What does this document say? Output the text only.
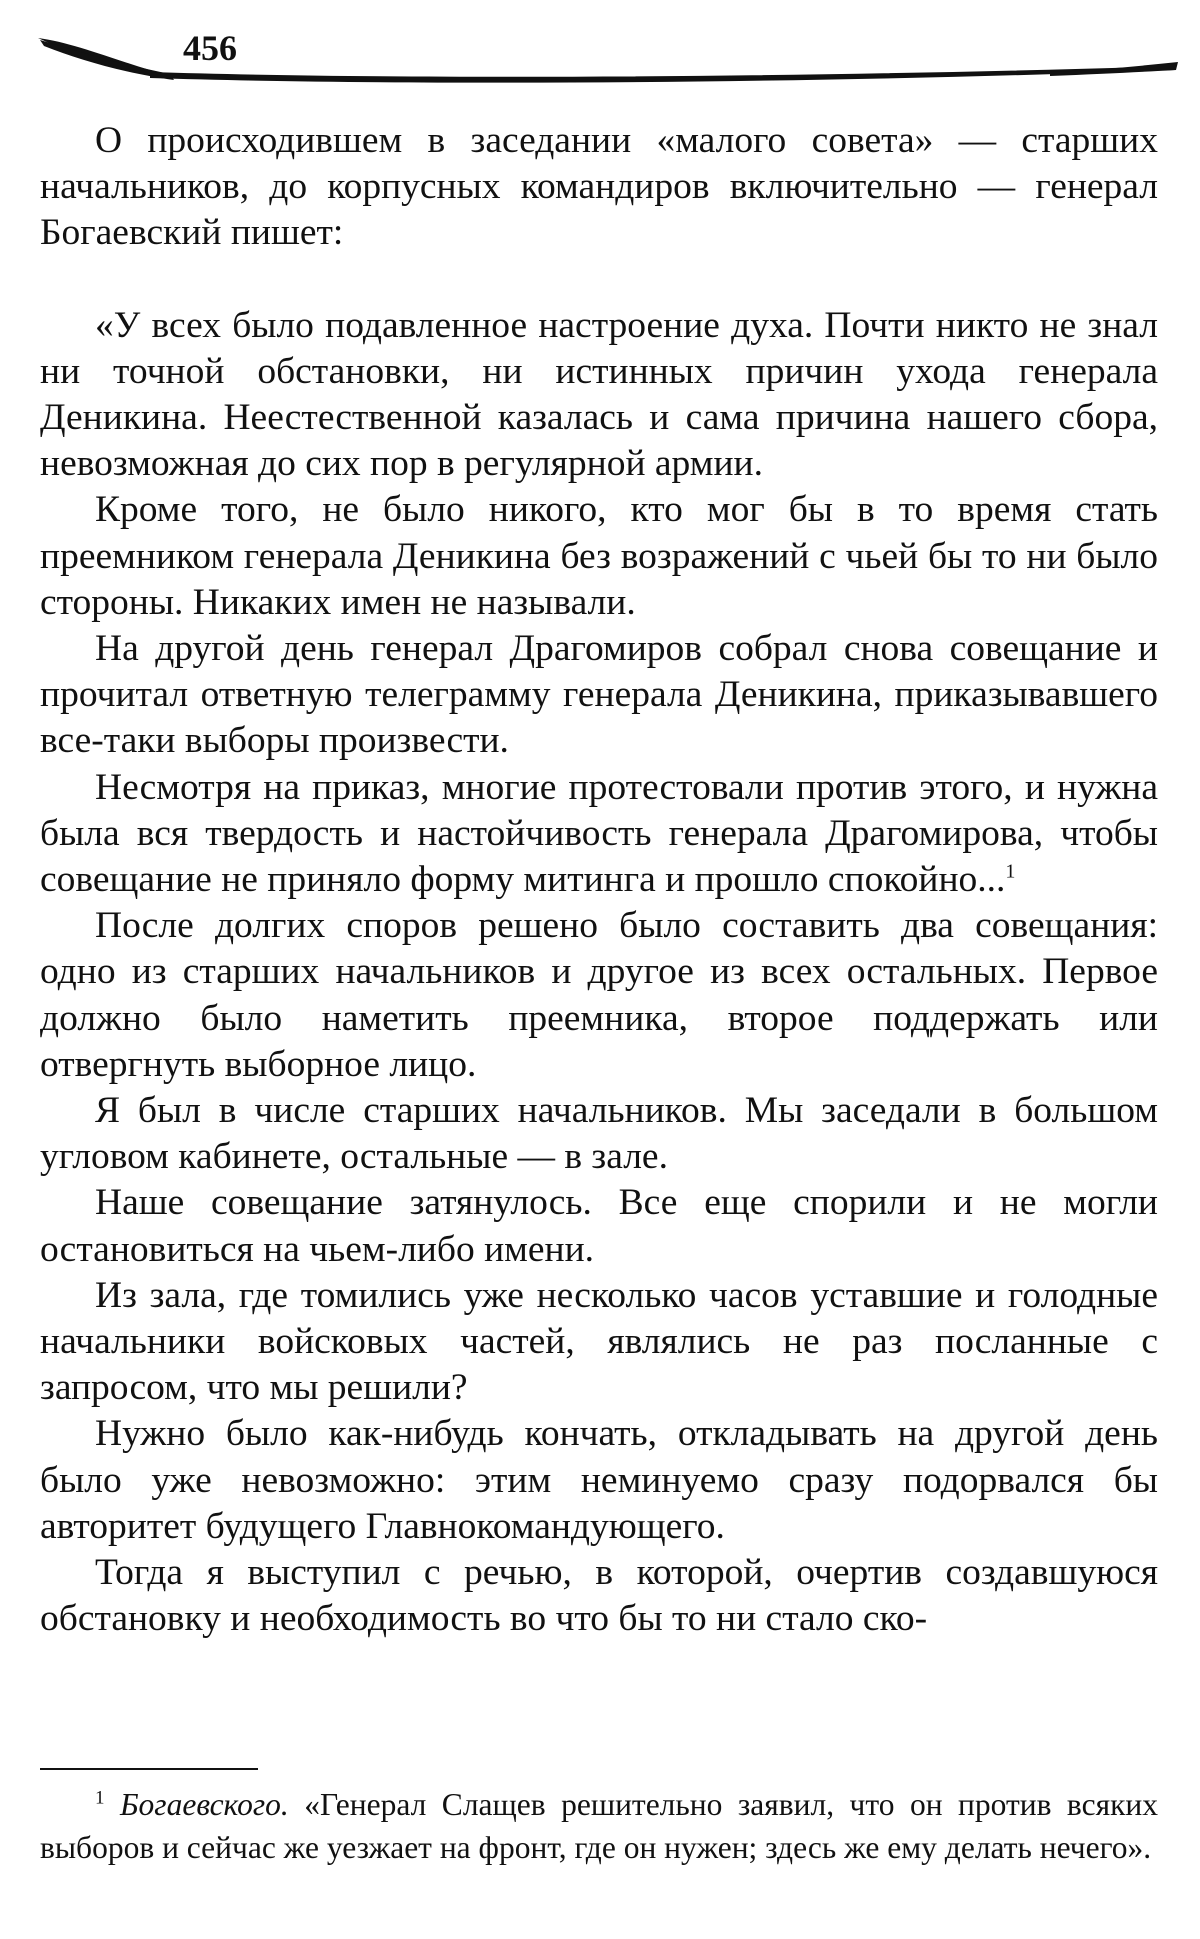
456

О происходившем в заседании «малого совета» — старших начальников, до корпусных командиров включительно — генерал Богаевский пишет:

«У всех было подавленное настроение духа. Почти никто не знал ни точной обстановки, ни истинных причин ухода генерала Деникина. Неестественной казалась и сама причина нашего сбора, невозможная до сих пор в регулярной армии.

Кроме того, не было никого, кто мог бы в то время стать преемником генерала Деникина без возражений с чьей бы то ни было стороны. Никаких имен не называли.

На другой день генерал Драгомиров собрал снова совещание и прочитал ответную телеграмму генерала Деникина, приказывавшего все-таки выборы произвести.

Несмотря на приказ, многие протестовали против этого, и нужна была вся твердость и настойчивость генерала Драгомирова, чтобы совещание не приняло форму митинга и прошло спокойно...$^1$

После долгих споров решено было составить два совещания: одно из старших начальников и другое из всех остальных. Первое должно было наметить преемника, второе поддержать или отвергнуть выборное лицо.

Я был в числе старших начальников. Мы заседали в большом угловом кабинете, остальные — в зале.

Наше совещание затянулось. Все еще спорили и не могли остановиться на чьем-либо имени.

Из зала, где томились уже несколько часов уставшие и голодные начальники войсковых частей, являлись не раз посланные с запросом, что мы решили?

Нужно было как-нибудь кончать, откладывать на другой день было уже невозможно: этим неминуемо сразу подорвался бы авторитет будущего Главнокомандующего.

Тогда я выступил с речью, в которой, очертив создавшуюся обстановку и необходимость во что бы то ни стало ско-

$^1$ Богаевского. «Генерал Слащев решительно заявил, что он против всяких выборов и сейчас же уезжает на фронт, где он нужен; здесь же ему делать нечего».
